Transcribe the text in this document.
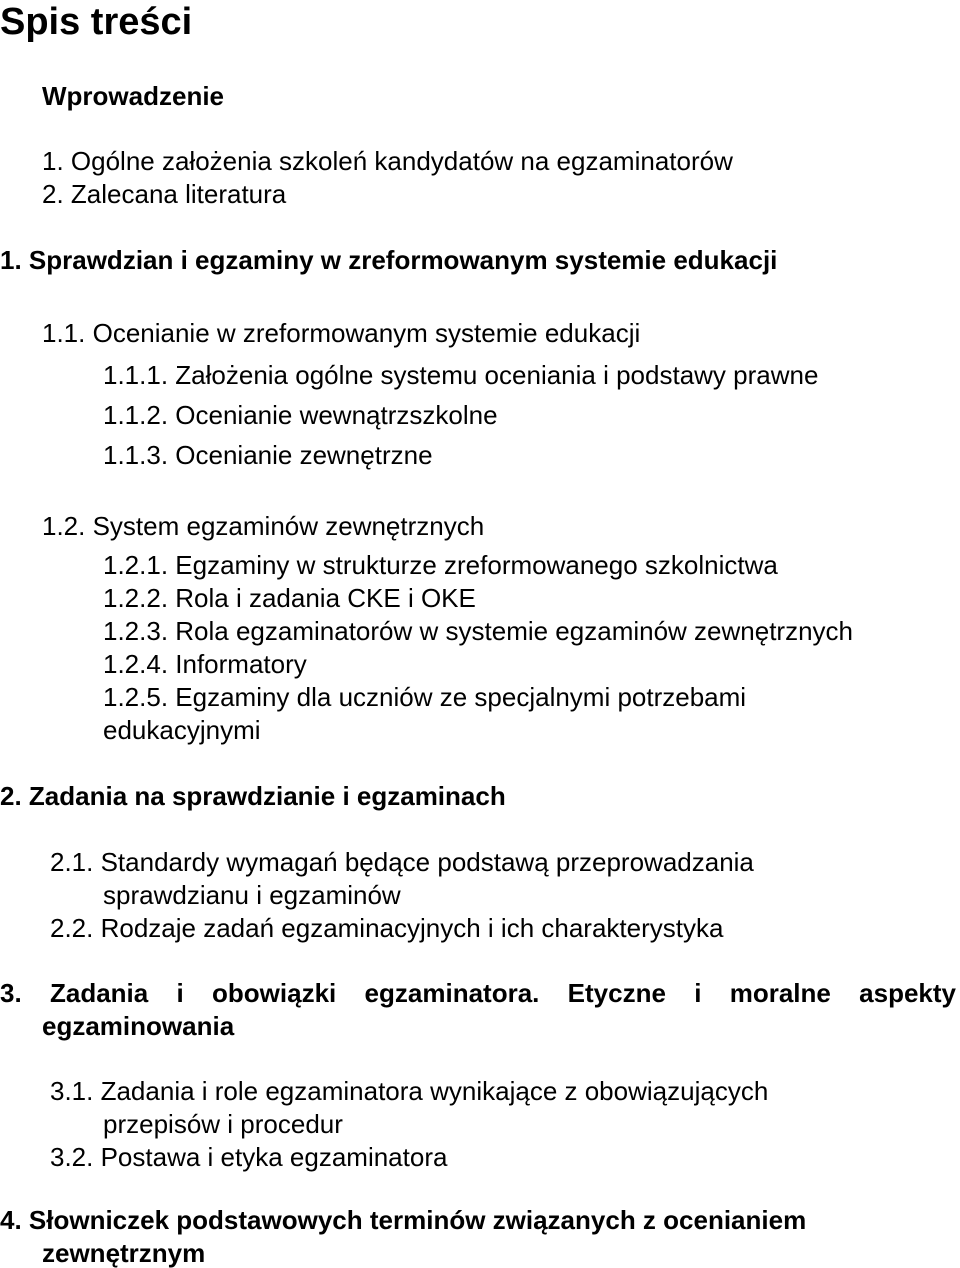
Spis treści
Wprowadzenie
1. Ogólne założenia szkoleń kandydatów na egzaminatorów
2. Zalecana literatura
1. Sprawdzian i egzaminy w zreformowanym systemie edukacji
1.1. Ocenianie w zreformowanym systemie edukacji
1.1.1. Założenia ogólne systemu oceniania i podstawy prawne
1.1.2. Ocenianie wewnątrzszkolne
1.1.3. Ocenianie zewnętrzne
1.2. System egzaminów zewnętrznych
1.2.1. Egzaminy w strukturze zreformowanego szkolnictwa
1.2.2. Rola i zadania CKE i OKE
1.2.3. Rola egzaminatorów w systemie egzaminów zewnętrznych
1.2.4. Informatory
1.2.5. Egzaminy dla uczniów ze specjalnymi potrzebami
edukacyjnymi
2. Zadania na sprawdzianie i egzaminach
2.1. Standardy wymagań będące podstawą przeprowadzania
sprawdzianu i egzaminów
2.2. Rodzaje zadań egzaminacyjnych i ich charakterystyka
3. Zadania i obowiązki egzaminatora. Etyczne i moralne aspekty
egzaminowania
3.1. Zadania i role egzaminatora wynikające z obowiązujących
przepisów i procedur
3.2. Postawa i etyka egzaminatora
4. Słowniczek podstawowych terminów związanych z ocenianiem
zewnętrznym
